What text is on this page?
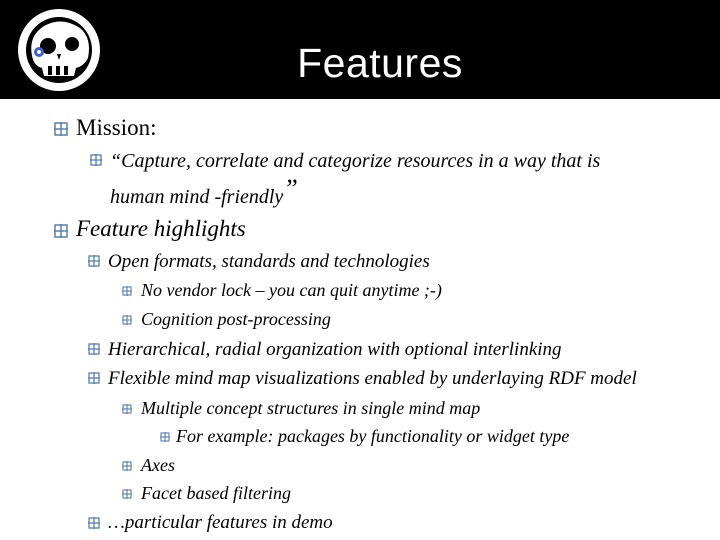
Features
Mission:
“Capture, correlate and categorize resources in a way that is
human mind -friendly”
Feature highlights
Open formats, standards and technologies
No vendor lock – you can quit anytime ;-)
Cognition post-processing
Hierarchical, radial organization with optional interlinking
Flexible mind map visualizations enabled by underlaying RDF model
Multiple concept structures in single mind map
For example: packages by functionality or widget type
Axes
Facet based filtering
…particular features in demo
